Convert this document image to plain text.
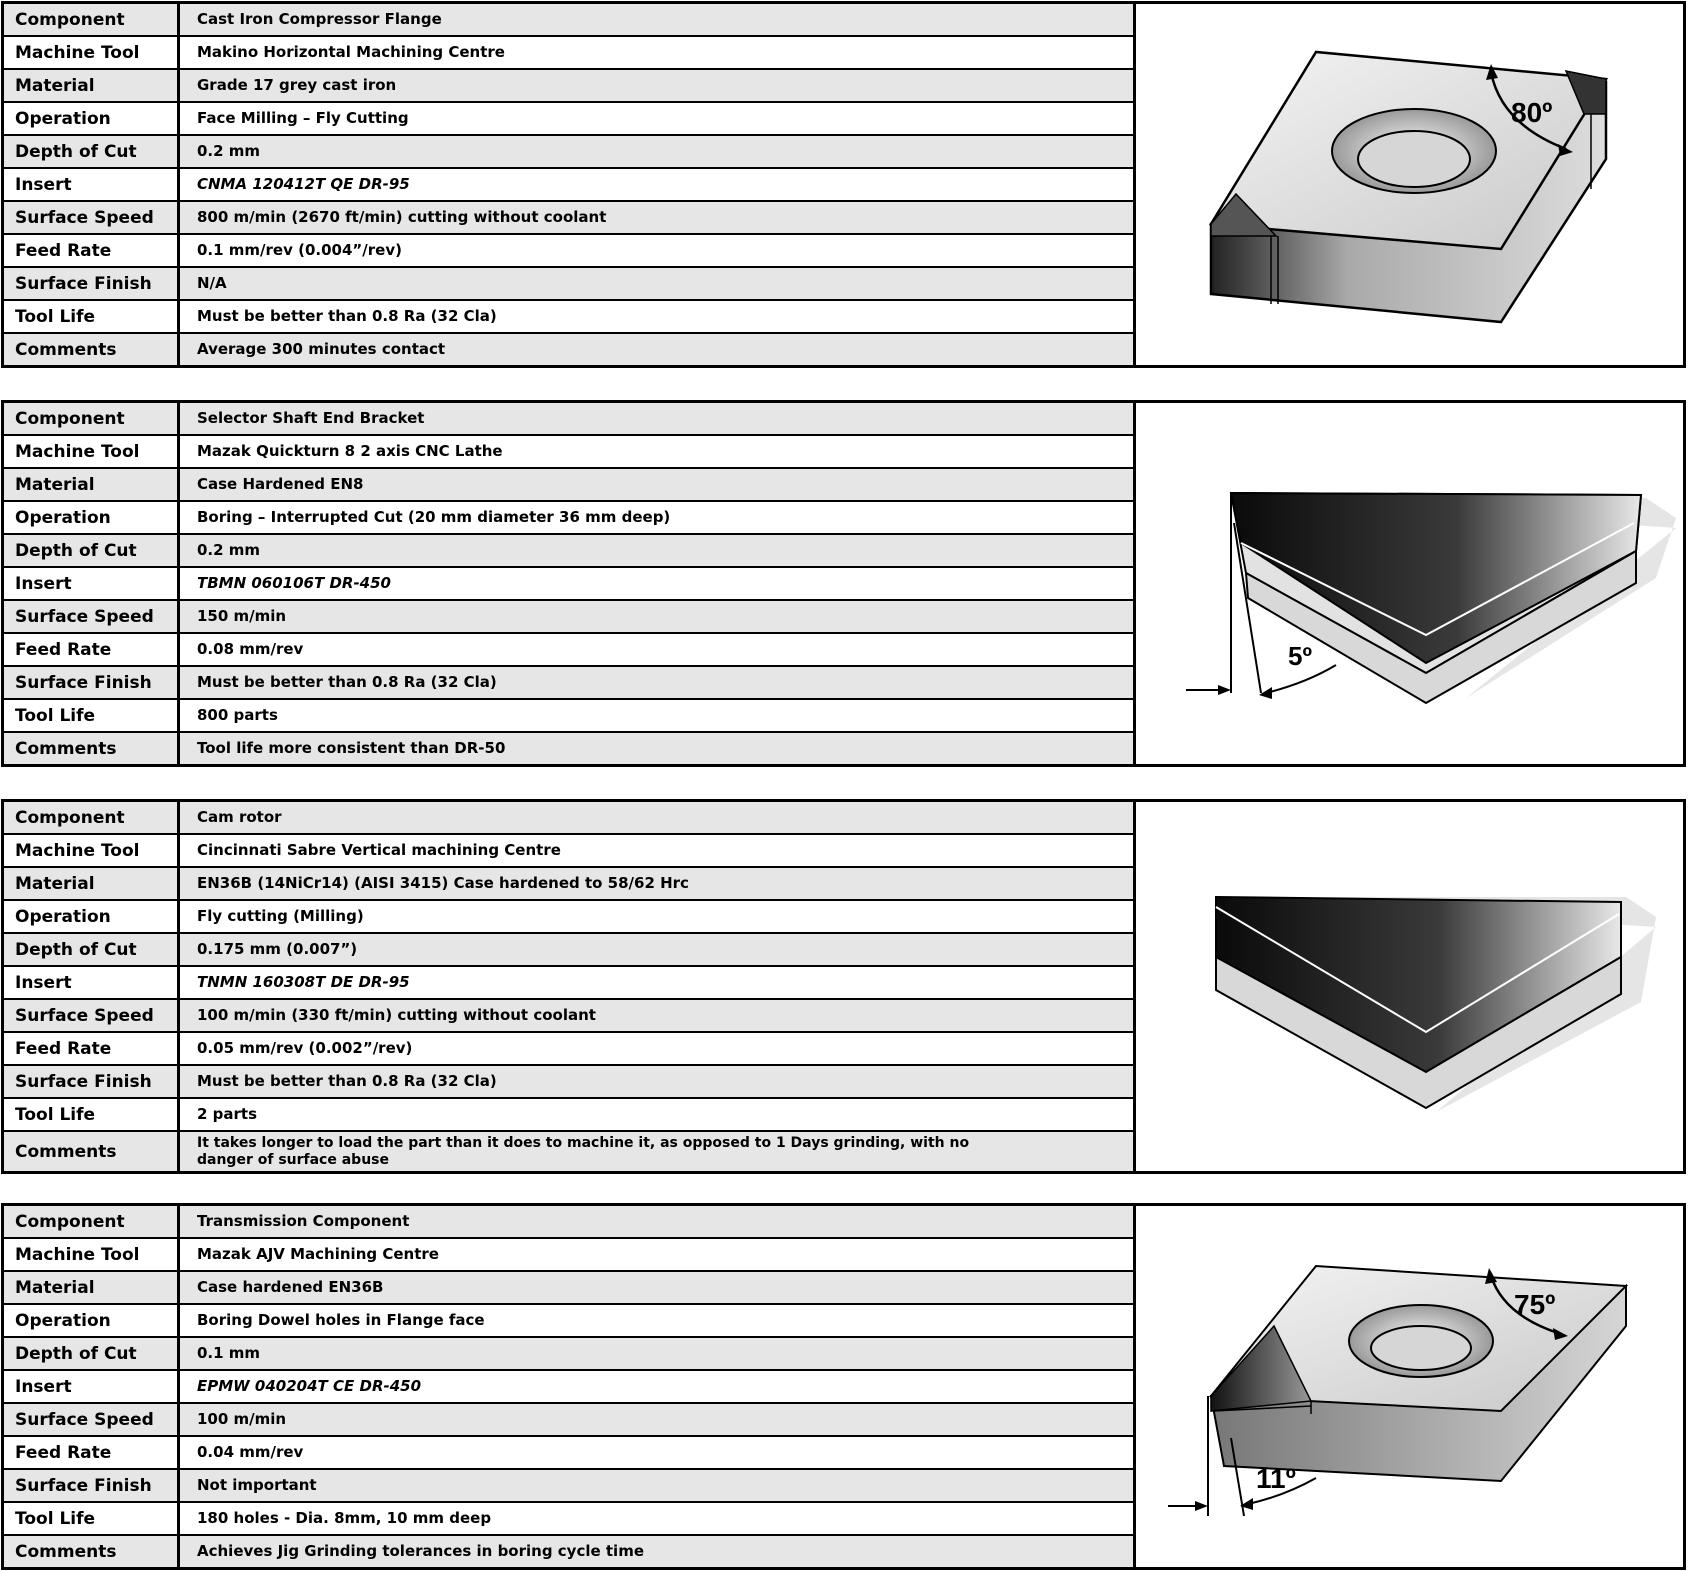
Component	Cast Iron Compressor Flange
Machine Tool	Makino Horizontal Machining Centre
Material	Grade 17 grey cast iron
Operation	Face Milling – Fly Cutting
Depth of Cut	0.2 mm
Insert	CNMA 120412T QE DR-95
Surface Speed	800 m/min (2670 ft/min) cutting without coolant
Feed Rate	0.1 mm/rev (0.004”/rev)
Surface Finish	N/A
Tool Life	Must be better than 0.8 Ra (32 Cla)
Comments	Average 300 minutes contact
80º
Component	Selector Shaft End Bracket
Machine Tool	Mazak Quickturn 8 2 axis CNC Lathe
Material	Case Hardened EN8
Operation	Boring – Interrupted Cut (20 mm diameter 36 mm deep)
Depth of Cut	0.2 mm
Insert	TBMN 060106T DR-450
Surface Speed	150 m/min
Feed Rate	0.08 mm/rev
Surface Finish	Must be better than 0.8 Ra (32 Cla)
Tool Life	800 parts
Comments	Tool life more consistent than DR-50
5º
Component	Cam rotor
Machine Tool	Cincinnati Sabre Vertical machining Centre
Material	EN36B (14NiCr14) (AISI 3415) Case hardened to 58/62 Hrc
Operation	Fly cutting (Milling)
Depth of Cut	0.175 mm (0.007”)
Insert	TNMN 160308T DE DR-95
Surface Speed	100 m/min (330 ft/min) cutting without coolant
Feed Rate	0.05 mm/rev (0.002”/rev)
Surface Finish	Must be better than 0.8 Ra (32 Cla)
Tool Life	2 parts
Comments	It takes longer to load the part than it does to machine it, as opposed to 1 Days grinding, with no danger of surface abuse
Component	Transmission Component
Machine Tool	Mazak AJV Machining Centre
Material	Case hardened EN36B
Operation	Boring Dowel holes in Flange face
Depth of Cut	0.1 mm
Insert	EPMW 040204T CE DR-450
Surface Speed	100 m/min
Feed Rate	0.04 mm/rev
Surface Finish	Not important
Tool Life	180 holes - Dia. 8mm, 10 mm deep
Comments	Achieves Jig Grinding tolerances in boring cycle time
75º
11º
